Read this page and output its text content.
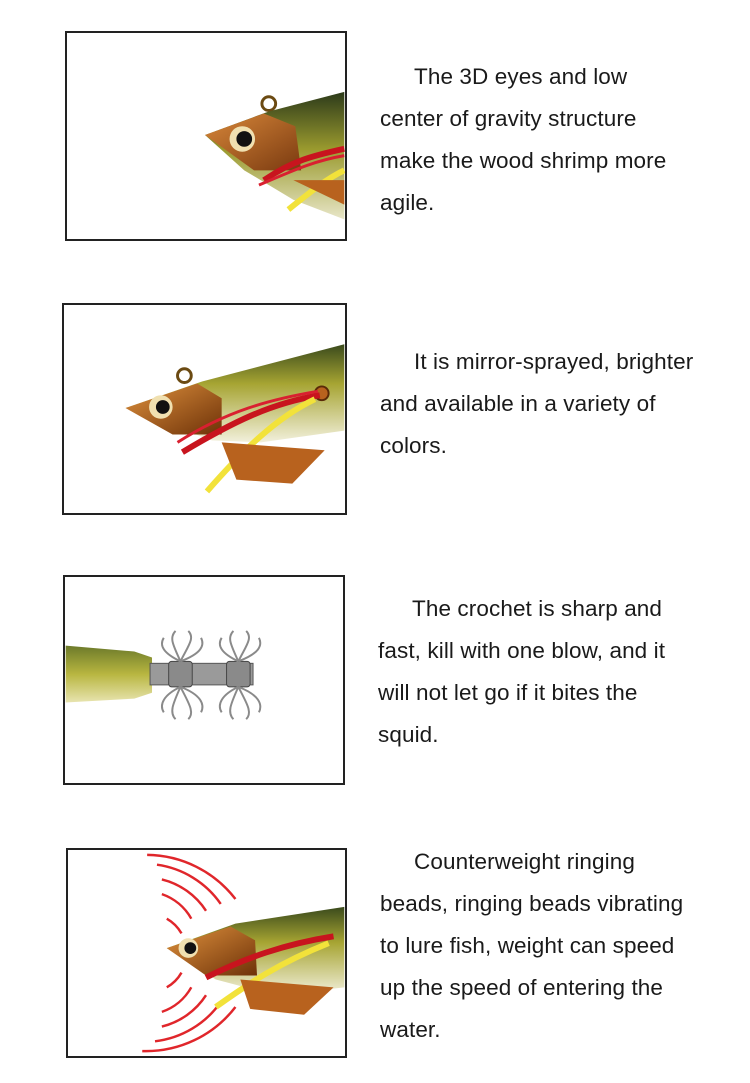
The 3D eyes and low
center of gravity structure
make the wood shrimp more
agile.
It is mirror-sprayed, brighter
and available in a variety of
colors.
The crochet is sharp and
fast, kill with one blow, and it
will not let go if it bites the
squid.
Counterweight ringing
beads, ringing beads vibrating
to lure fish, weight can speed
up the speed of entering the
water.
